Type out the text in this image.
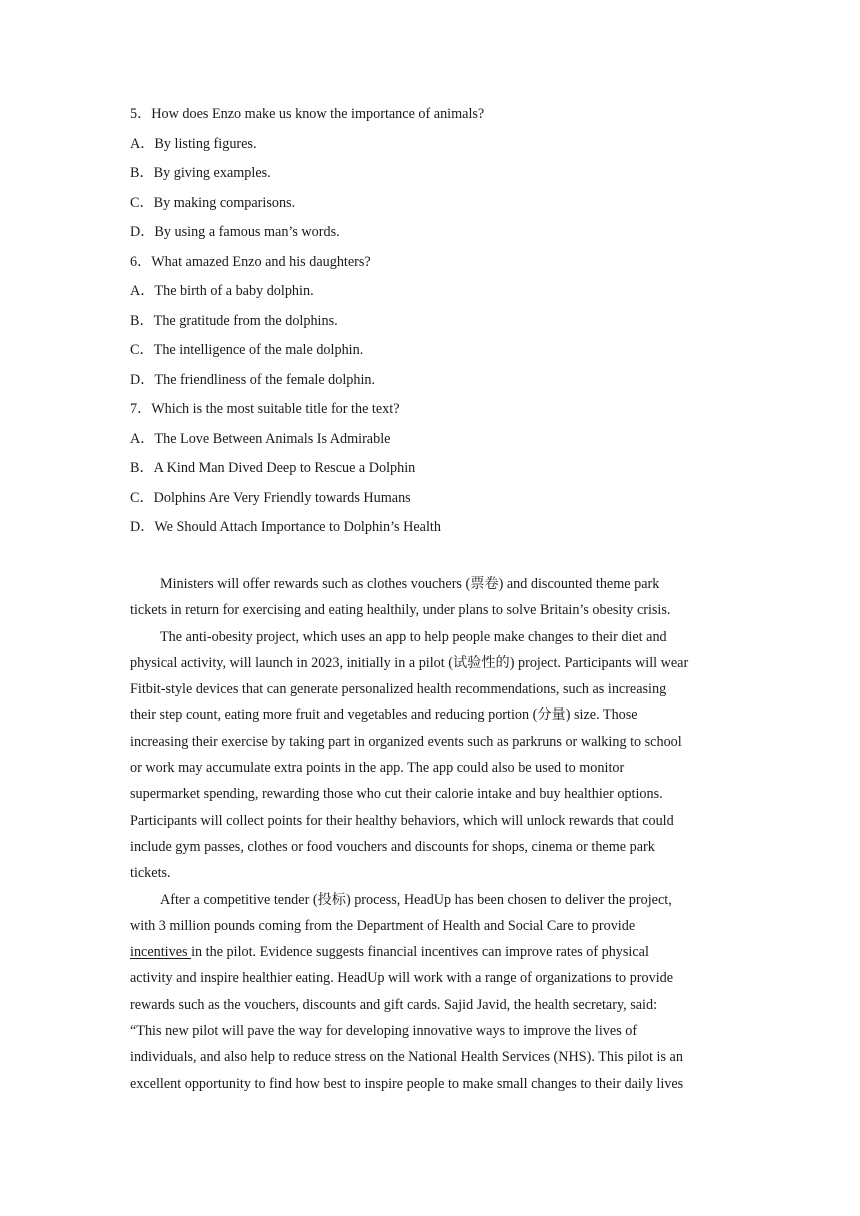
5．How does Enzo make us know the importance of animals?
A．By listing figures.
B．By giving examples.
C．By making comparisons.
D．By using a famous man’s words.
6．What amazed Enzo and his daughters?
A．The birth of a baby dolphin.
B．The gratitude from the dolphins.
C．The intelligence of the male dolphin.
D．The friendliness of the female dolphin.
7．Which is the most suitable title for the text?
A．The Love Between Animals Is Admirable
B．A Kind Man Dived Deep to Rescue a Dolphin
C．Dolphins Are Very Friendly towards Humans
D．We Should Attach Importance to Dolphin’s Health

Ministers will offer rewards such as clothes vouchers (票卷) and discounted theme park
tickets in return for exercising and eating healthily, under plans to solve Britain’s obesity crisis.

The anti-obesity project, which uses an app to help people make changes to their diet and
physical activity, will launch in 2023, initially in a pilot (试验性的) project. Participants will wear
Fitbit-style devices that can generate personalized health recommendations, such as increasing
their step count, eating more fruit and vegetables and reducing portion (分量) size. Those
increasing their exercise by taking part in organized events such as parkruns or walking to school
or work may accumulate extra points in the app. The app could also be used to monitor
supermarket spending, rewarding those who cut their calorie intake and buy healthier options.
Participants will collect points for their healthy behaviors, which will unlock rewards that could
include gym passes, clothes or food vouchers and discounts for shops, cinema or theme park
tickets.

After a competitive tender (投标) process, HeadUp has been chosen to deliver the project,
with 3 million pounds coming from the Department of Health and Social Care to provide
incentives in the pilot. Evidence suggests financial incentives can improve rates of physical
activity and inspire healthier eating. HeadUp will work with a range of organizations to provide
rewards such as the vouchers, discounts and gift cards. Sajid Javid, the health secretary, said:
“This new pilot will pave the way for developing innovative ways to improve the lives of
individuals, and also help to reduce stress on the National Health Services (NHS). This pilot is an
excellent opportunity to find how best to inspire people to make small changes to their daily lives
